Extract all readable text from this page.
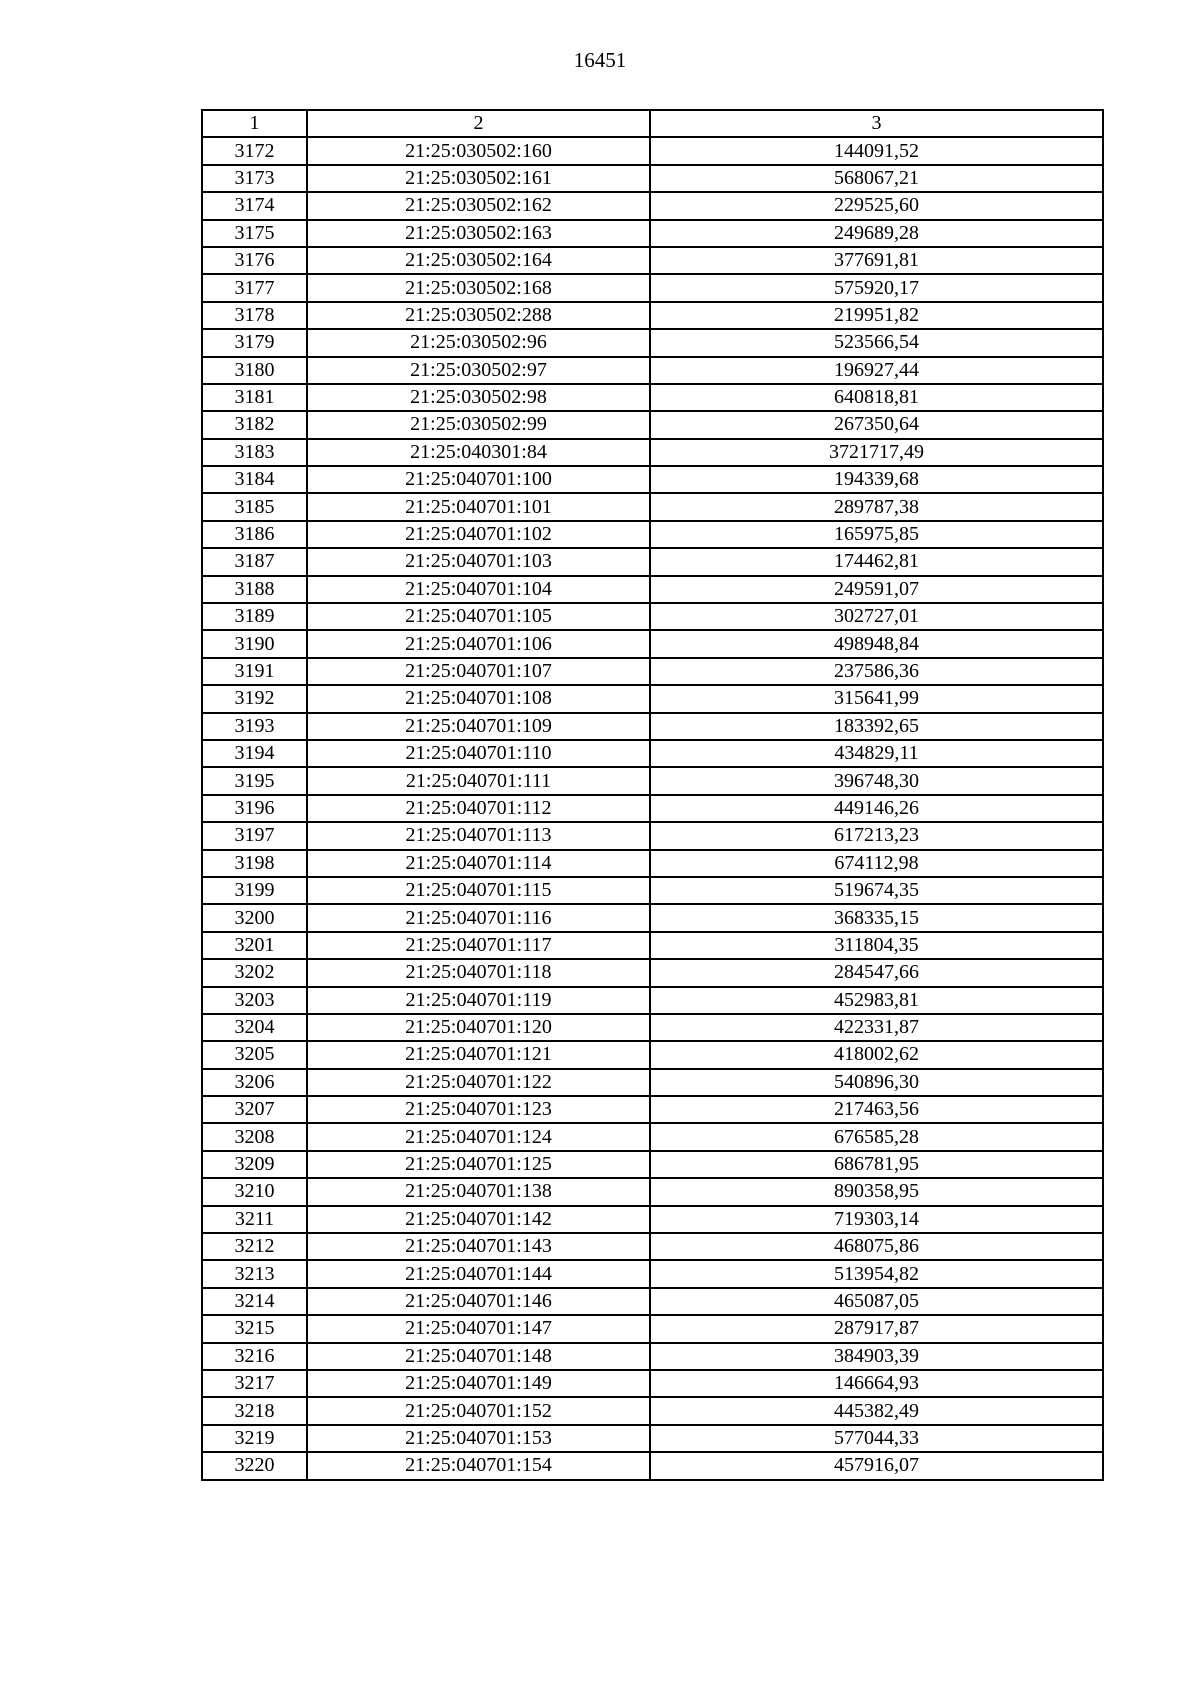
16451
1	2	3
3172	21:25:030502:160	144091,52
3173	21:25:030502:161	568067,21
3174	21:25:030502:162	229525,60
3175	21:25:030502:163	249689,28
3176	21:25:030502:164	377691,81
3177	21:25:030502:168	575920,17
3178	21:25:030502:288	219951,82
3179	21:25:030502:96	523566,54
3180	21:25:030502:97	196927,44
3181	21:25:030502:98	640818,81
3182	21:25:030502:99	267350,64
3183	21:25:040301:84	3721717,49
3184	21:25:040701:100	194339,68
3185	21:25:040701:101	289787,38
3186	21:25:040701:102	165975,85
3187	21:25:040701:103	174462,81
3188	21:25:040701:104	249591,07
3189	21:25:040701:105	302727,01
3190	21:25:040701:106	498948,84
3191	21:25:040701:107	237586,36
3192	21:25:040701:108	315641,99
3193	21:25:040701:109	183392,65
3194	21:25:040701:110	434829,11
3195	21:25:040701:111	396748,30
3196	21:25:040701:112	449146,26
3197	21:25:040701:113	617213,23
3198	21:25:040701:114	674112,98
3199	21:25:040701:115	519674,35
3200	21:25:040701:116	368335,15
3201	21:25:040701:117	311804,35
3202	21:25:040701:118	284547,66
3203	21:25:040701:119	452983,81
3204	21:25:040701:120	422331,87
3205	21:25:040701:121	418002,62
3206	21:25:040701:122	540896,30
3207	21:25:040701:123	217463,56
3208	21:25:040701:124	676585,28
3209	21:25:040701:125	686781,95
3210	21:25:040701:138	890358,95
3211	21:25:040701:142	719303,14
3212	21:25:040701:143	468075,86
3213	21:25:040701:144	513954,82
3214	21:25:040701:146	465087,05
3215	21:25:040701:147	287917,87
3216	21:25:040701:148	384903,39
3217	21:25:040701:149	146664,93
3218	21:25:040701:152	445382,49
3219	21:25:040701:153	577044,33
3220	21:25:040701:154	457916,07
